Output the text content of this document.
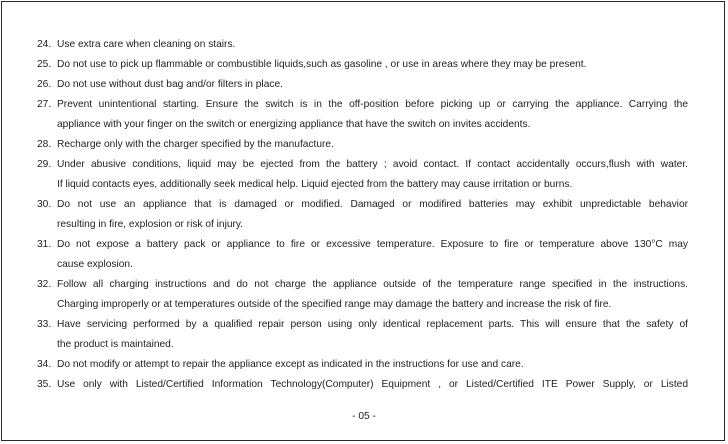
24. Use extra care when cleaning on stairs.
25. Do not use to pick up flammable or combustible liquids,such as gasoline , or use in areas where they may be present.
26. Do not use without dust bag and/or filters in place.
27. Prevent unintentional starting. Ensure the switch is in the off-position before picking up or carrying the appliance. Carrying the
appliance with your finger on the switch or energizing appliance that have the switch on invites accidents.
28. Recharge only with the charger specified by the manufacture.
29. Under abusive conditions, liquid may be ejected from the battery ; avoid contact. If contact accidentally occurs,flush with water.
If liquid contacts eyes, additionally seek medical help. Liquid ejected from the battery may cause irritation or burns.
30. Do not use an appliance that is damaged or modified. Damaged or modifired batteries may exhibit unpredictable behavior
resulting in fire, explosion or risk of injury.
31. Do not expose a battery pack or appliance to fire or excessive temperature. Exposure to fire or temperature above 130°C may
cause explosion.
32. Follow all charging instructions and do not charge the appliance outside of the temperature range specified in the instructions.
Charging improperly or at temperatures outside of the specified range may damage the battery and increase the risk of fire.
33. Have servicing performed by a qualified repair person using only identical replacement parts. This will ensure that the safety of
the product is maintained.
34. Do not modify or attempt to repair the appliance except as indicated in the instructions for use and care.
35. Use only with Listed/Certified Information Technology(Computer) Equipment , or Listed/Certified ITE Power Supply, or Listed
- 05 -
